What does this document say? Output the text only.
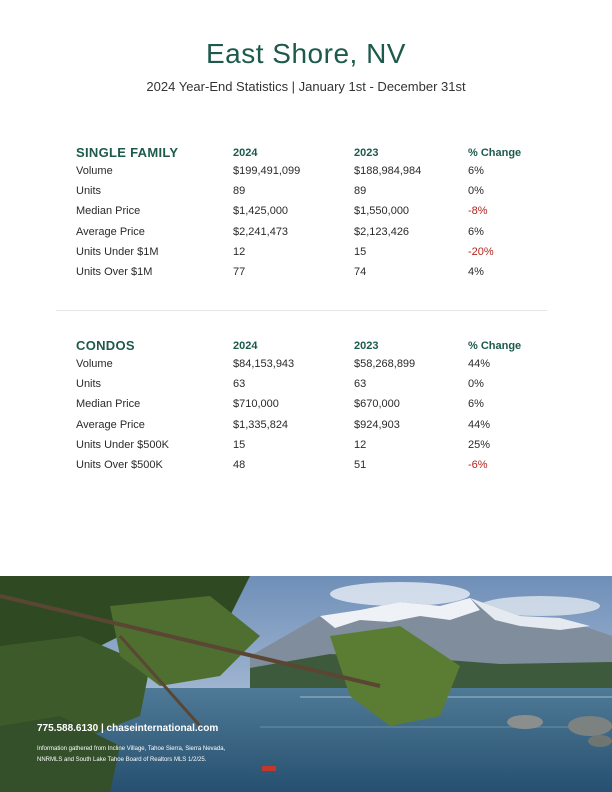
East Shore, NV
2024 Year-End Statistics | January 1st - December 31st
SINGLE FAMILY	2024	2023	% Change
Volume	$199,491,099	$188,984,984	6%
Units	89	89	0%
Median Price	$1,425,000	$1,550,000	-8%
Average Price	$2,241,473	$2,123,426	6%
Units Under $1M	12	15	-20%
Units Over $1M	77	74	4%
CONDOS	2024	2023	% Change
Volume	$84,153,943	$58,268,899	44%
Units	63	63	0%
Median Price	$710,000	$670,000	6%
Average Price	$1,335,824	$924,903	44%
Units Under $500K	15	12	25%
Units Over $500K	48	51	-6%
775.588.6130 | chaseinternational.com
Information gathered from Incline Village, Tahoe Sierra, Sierra Nevada,
NNRMLS and South Lake Tahoe Board of Realtors MLS 1/2/25.
